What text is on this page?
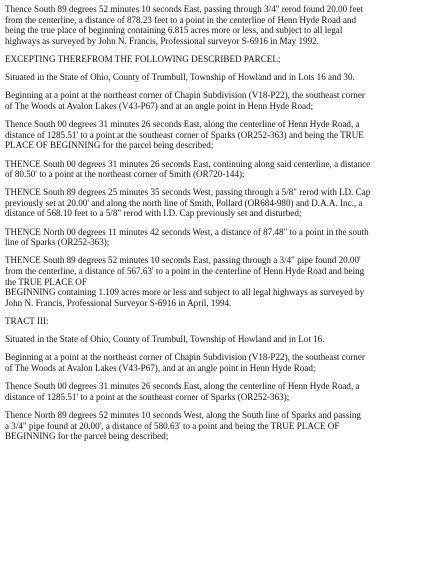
Thence South 89 degrees 52 minutes 10 seconds East, passing through 3/4" rerod found 20.00 feet
from the centerline, a distance of 878.23 feet to a point in the centerline of Henn Hyde Road and
being the true place of beginning containing 6.815 acres more or less, and subject to all legal
highways as surveyed by John N. Francis, Professional surveyor S-6916 in May 1992.

EXCEPTING THEREFROM THE FOLLOWING DESCRIBED PARCEL;

Situated in the State of Ohio, County of Trumbull, Township of Howland and in Lots 16 and 30.

Beginning at a point at the northeast corner of Chapin Subdivision (V18-P22), the southeast corner
of The Woods at Avalon Lakes (V43-P67) and at an angle point in Henn Hyde Road;

Thence South 00 degrees 31 minutes 26 seconds East, along the centerline of Henn Hyde Road, a
distance of 1285.51' to a point at the southeast corner of Sparks (OR252-363) and being the TRUE
PLACE OF BEGINNING for the parcel being described;

THENCE South 00 degrees 31 minutes 26 seconds East, continuing along said centerline, a distance
of 80.50' to a point at the northeast corner of Smith (OR720-144);

THENCE South 89 degrees 25 minutes 35 seconds West, passing through a 5/8" rerod with I.D. Cap
previously set at 20.00' and along the north line of Smith, Pollard (OR684-980) and D.A.A. Inc., a
distance of 568.10 feet to a 5/8" rerod with I.D. Cap previously set and disturbed;

THENCE North 00 degrees 11 minutes 42 seconds West, a distance of 87.48" to a point in the south
line of Sparks (OR252-363);

THENCE South 89 degrees 52 minutes 10 seconds East, passing through a 3/4" pipe found 20.00'
from the centerline, a distance of 567.63' to a point in the centerline of Henn Hyde Road and being
the TRUE PLACE OF
BEGINNING containing 1.109 acres more or less and subject to all legal highways as surveyed by
John N. Francis, Professional Surveyor S-6916 in April, 1994.

TRACT III:

Situated in the State of Ohio, County of Trumbull, Township of Howland and in Lot 16.

Beginning at a point at the northeast corner of Chapin Subdivision (V18-P22), the southeast corner
of The Woods at Avalon Lakes (V43-P67), and at an angle point in Henn Hyde Road;

Thence South 00 degrees 31 minutes 26 seconds East, along the centerline of Henn Hyde Road, a
distance of 1285.51' to a point at the southeast corner of Sparks (OR252-363);

Thence North 89 degrees 52 minutes 10 seconds West, along the South line of Sparks and passing
a 3/4" pipe found at 20.00', a distance of 580.63' to a point and being the TRUE PLACE OF
BEGINNING for the parcel being described;
